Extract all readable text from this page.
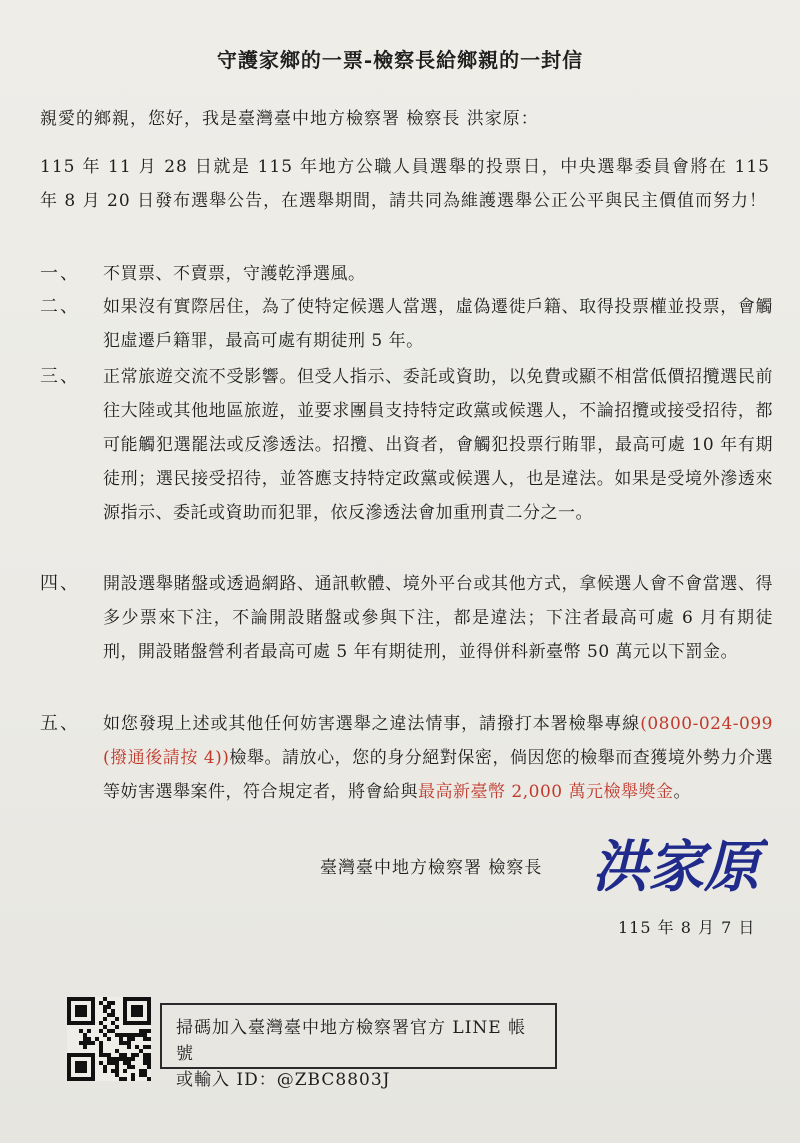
守護家鄉的一票-檢察長給鄉親的一封信
親愛的鄉親，您好，我是臺灣臺中地方檢察署 檢察長 洪家原：
115 年 11 月 28 日就是 115 年地方公職人員選舉的投票日，中央選舉委員會將在 115 年 8 月 20 日發布選舉公告，在選舉期間，請共同為維護選舉公正公平與民主價值而努力！
一、	不買票、不賣票，守護乾淨選風。
二、	如果沒有實際居住，為了使特定候選人當選，虛偽遷徙戶籍、取得投票權並投票，會觸犯虛遷戶籍罪，最高可處有期徒刑 5 年。
三、	正常旅遊交流不受影響。但受人指示、委託或資助，以免費或顯不相當低價招攬選民前往大陸或其他地區旅遊，並要求團員支持特定政黨或候選人，不論招攬或接受招待，都可能觸犯選罷法或反滲透法。招攬、出資者，會觸犯投票行賄罪，最高可處 10 年有期徒刑；選民接受招待，並答應支持特定政黨或候選人，也是違法。如果是受境外滲透來源指示、委託或資助而犯罪，依反滲透法會加重刑責二分之一。
四、	開設選舉賭盤或透過網路、通訊軟體、境外平台或其他方式，拿候選人會不會當選、得多少票來下注，不論開設賭盤或參與下注，都是違法；下注者最高可處 6 月有期徒刑，開設賭盤營利者最高可處 5 年有期徒刑，並得併科新臺幣 50 萬元以下罰金。
五、	如您發現上述或其他任何妨害選舉之違法情事，請撥打本署檢舉專線(0800-024-099 (撥通後請按 4))檢舉。請放心，您的身分絕對保密，倘因您的檢舉而查獲境外勢力介選等妨害選舉案件，符合規定者，將會給與最高新臺幣 2,000 萬元檢舉獎金。
臺灣臺中地方檢察署 檢察長 洪家原
115 年 8 月 7 日
掃碼加入臺灣臺中地方檢察署官方 LINE 帳號
或輸入 ID：@ZBC8803J
